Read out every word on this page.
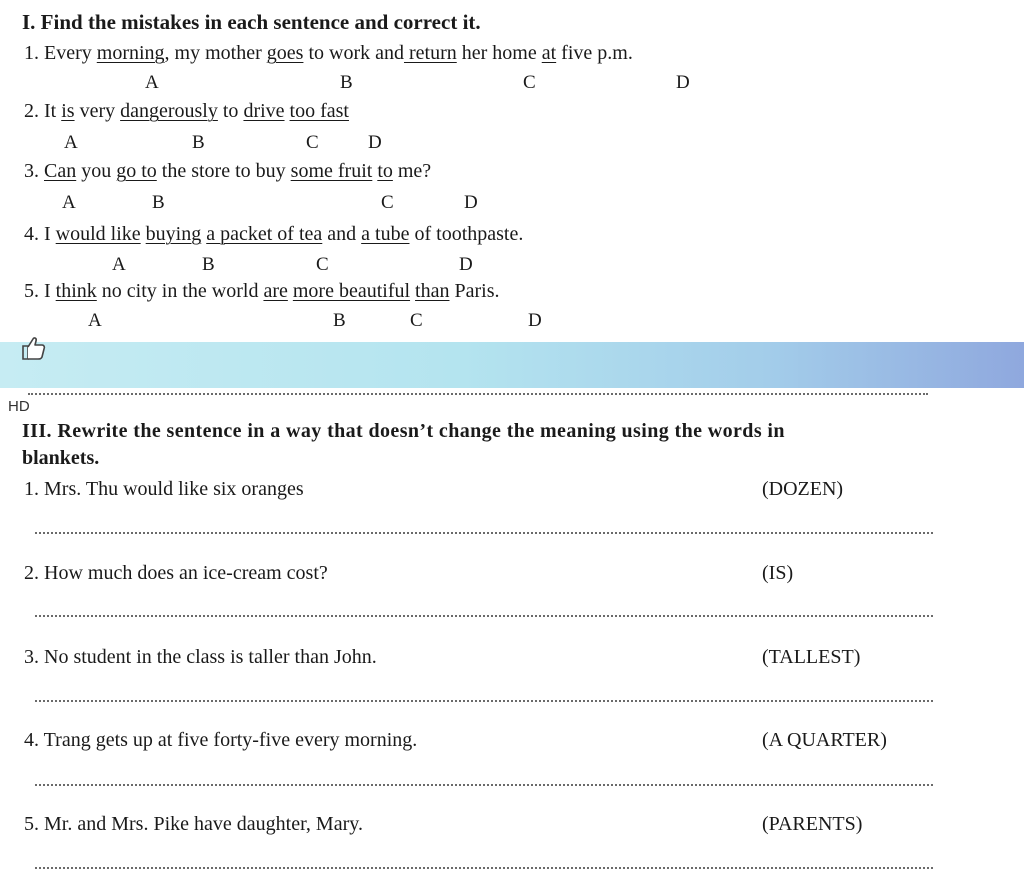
I. Find the mistakes in each sentence and correct it.
1. Every morning, my mother goes to work and return her home at five p.m.
A	B	C	D
2. It is very dangerously to drive too fast
A	B	C	D
3. Can you go to the store to buy some fruit to me?
A	B	C	D
4. I would like buying a packet of tea and a tube of toothpaste.
A	B	C	D
5. I think no city in the world are more beautiful than Paris.
A	B	C	D
HD
III. Rewrite the sentence in a way that doesn’t change the meaning using the words in
blankets.
1. Mrs. Thu would like six oranges	(DOZEN)
2. How much does an ice-cream cost?	(IS)
3. No student in the class is taller than John.	(TALLEST)
4. Trang gets up at five forty-five every morning.	(A QUARTER)
5. Mr. and Mrs. Pike have daughter, Mary.	(PARENTS)
